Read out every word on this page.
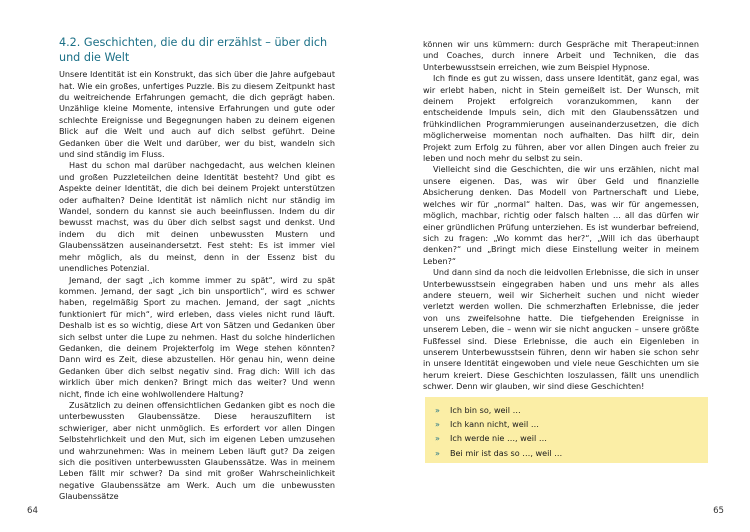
4.2. Geschichten, die du dir erzählst – über dich und die Welt

Unsere Identität ist ein Konstrukt, das sich über die Jahre aufgebaut hat. Wie ein großes, unfertiges Puzzle. Bis zu diesem Zeitpunkt hast du weitreichende Erfahrungen gemacht, die dich geprägt haben. Unzählige kleine Momente, intensive Erfahrungen und gute oder schlechte Ereignisse und Begegnungen haben zu deinem eigenen Blick auf die Welt und auch auf dich selbst geführt. Deine Gedanken über die Welt und darüber, wer du bist, wandeln sich und sind ständig im Fluss.

Hast du schon mal darüber nachgedacht, aus welchen kleinen und großen Puzzleteilchen deine Identität besteht? Und gibt es Aspekte deiner Identität, die dich bei deinem Projekt unterstützen oder aufhalten? Deine Identität ist nämlich nicht nur ständig im Wandel, sondern du kannst sie auch beeinflussen. Indem du dir bewusst machst, was du über dich selbst sagst und denkst. Und indem du dich mit deinen unbewussten Mustern und Glaubenssätzen auseinandersetzt. Fest steht: Es ist immer viel mehr möglich, als du meinst, denn in der Essenz bist du unendliches Potenzial.

Jemand, der sagt „ich komme immer zu spät“, wird zu spät kommen. Jemand, der sagt „ich bin unsportlich“, wird es schwer haben, regelmäßig Sport zu machen. Jemand, der sagt „nichts funktioniert für mich“, wird erleben, dass vieles nicht rund läuft. Deshalb ist es so wichtig, diese Art von Sätzen und Gedanken über sich selbst unter die Lupe zu nehmen. Hast du solche hinderlichen Gedanken, die deinem Projekterfolg im Wege stehen könnten? Dann wird es Zeit, diese abzustellen. Hör genau hin, wenn deine Gedanken über dich selbst negativ sind. Frag dich: Will ich das wirklich über mich denken? Bringt mich das weiter? Und wenn nicht, finde ich eine wohlwollendere Haltung?

Zusätzlich zu deinen offensichtlichen Gedanken gibt es noch die unterbewussten Glaubenssätze. Diese herauszufiltern ist schwieriger, aber nicht unmöglich. Es erfordert vor allen Dingen Selbstehrlichkeit und den Mut, sich im eigenen Leben umzusehen und wahrzunehmen: Was in meinem Leben läuft gut? Da zeigen sich die positiven unterbewussten Glaubenssätze. Was in meinem Leben fällt mir schwer? Da sind mit großer Wahrscheinlichkeit negative Glaubenssätze am Werk. Auch um die unbewussten Glaubenssätze

64

können wir uns kümmern: durch Gespräche mit Therapeut:innen und Coaches, durch innere Arbeit und Techniken, die das Unterbewusstsein erreichen, wie zum Beispiel Hypnose.

Ich finde es gut zu wissen, dass unsere Identität, ganz egal, was wir erlebt haben, nicht in Stein gemeißelt ist. Der Wunsch, mit deinem Projekt erfolgreich voranzukommen, kann der entscheidende Impuls sein, dich mit den Glaubenssätzen und frühkindlichen Programmierungen auseinanderzusetzen, die dich möglicherweise momentan noch aufhalten. Das hilft dir, dein Projekt zum Erfolg zu führen, aber vor allen Dingen auch freier zu leben und noch mehr du selbst zu sein.

Vielleicht sind die Geschichten, die wir uns erzählen, nicht mal unsere eigenen. Das, was wir über Geld und finanzielle Absicherung denken. Das Modell von Partnerschaft und Liebe, welches wir für „normal“ halten. Das, was wir für angemessen, möglich, machbar, richtig oder falsch halten … all das dürfen wir einer gründlichen Prüfung unterziehen. Es ist wunderbar befreiend, sich zu fragen: „Wo kommt das her?“, „Will ich das überhaupt denken?“ und „Bringt mich diese Einstellung weiter in meinem Leben?“

Und dann sind da noch die leidvollen Erlebnisse, die sich in unser Unterbewusstsein eingegraben haben und uns mehr als alles andere steuern, weil wir Sicherheit suchen und nicht wieder verletzt werden wollen. Die schmerzhaften Erlebnisse, die jeder von uns zweifelsohne hatte. Die tiefgehenden Ereignisse in unserem Leben, die – wenn wir sie nicht angucken – unsere größte Fußfessel sind. Diese Erlebnisse, die auch ein Eigenleben in unserem Unterbewusstsein führen, denn wir haben sie schon sehr in unsere Identität eingewoben und viele neue Geschichten um sie herum kreiert. Diese Geschichten loszulassen, fällt uns unendlich schwer. Denn wir glauben, wir sind diese Geschichten!

» Ich bin so, weil …
» Ich kann nicht, weil …
» Ich werde nie …, weil …
» Bei mir ist das so …, weil …
65
